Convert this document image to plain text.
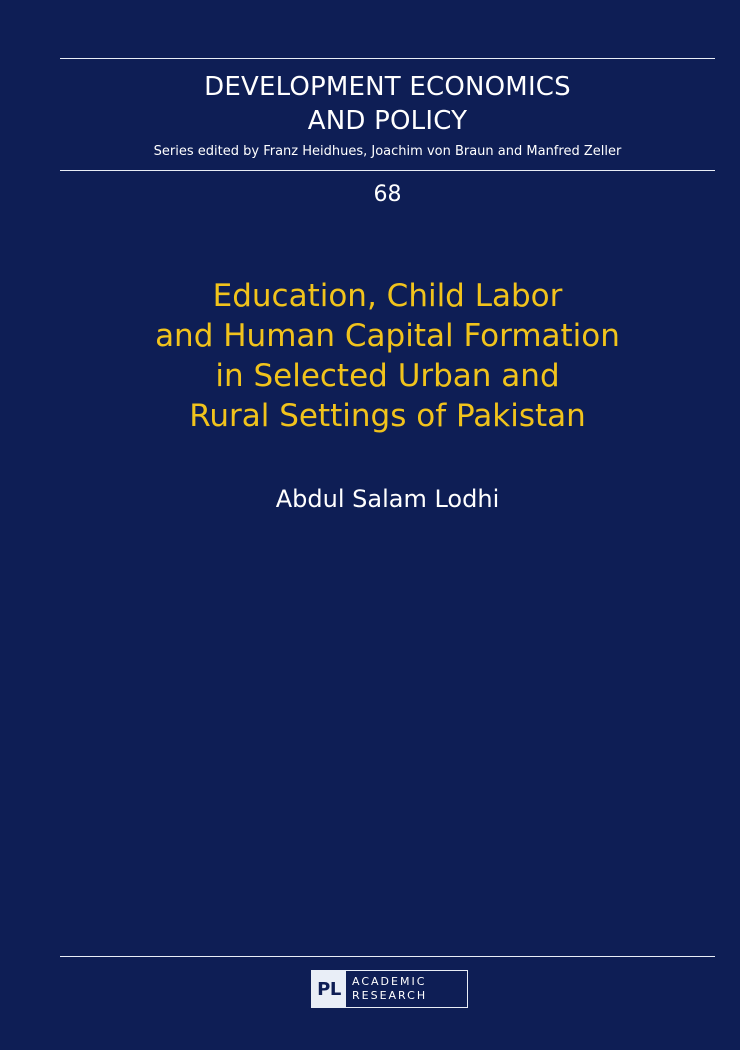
DEVELOPMENT ECONOMICS
AND POLICY
Series edited by Franz Heidhues, Joachim von Braun and Manfred Zeller
68
Education, Child Labor
and Human Capital Formation
in Selected Urban and
Rural Settings of Pakistan
Abdul Salam Lodhi
PL	ACADEMIC
RESEARCH
